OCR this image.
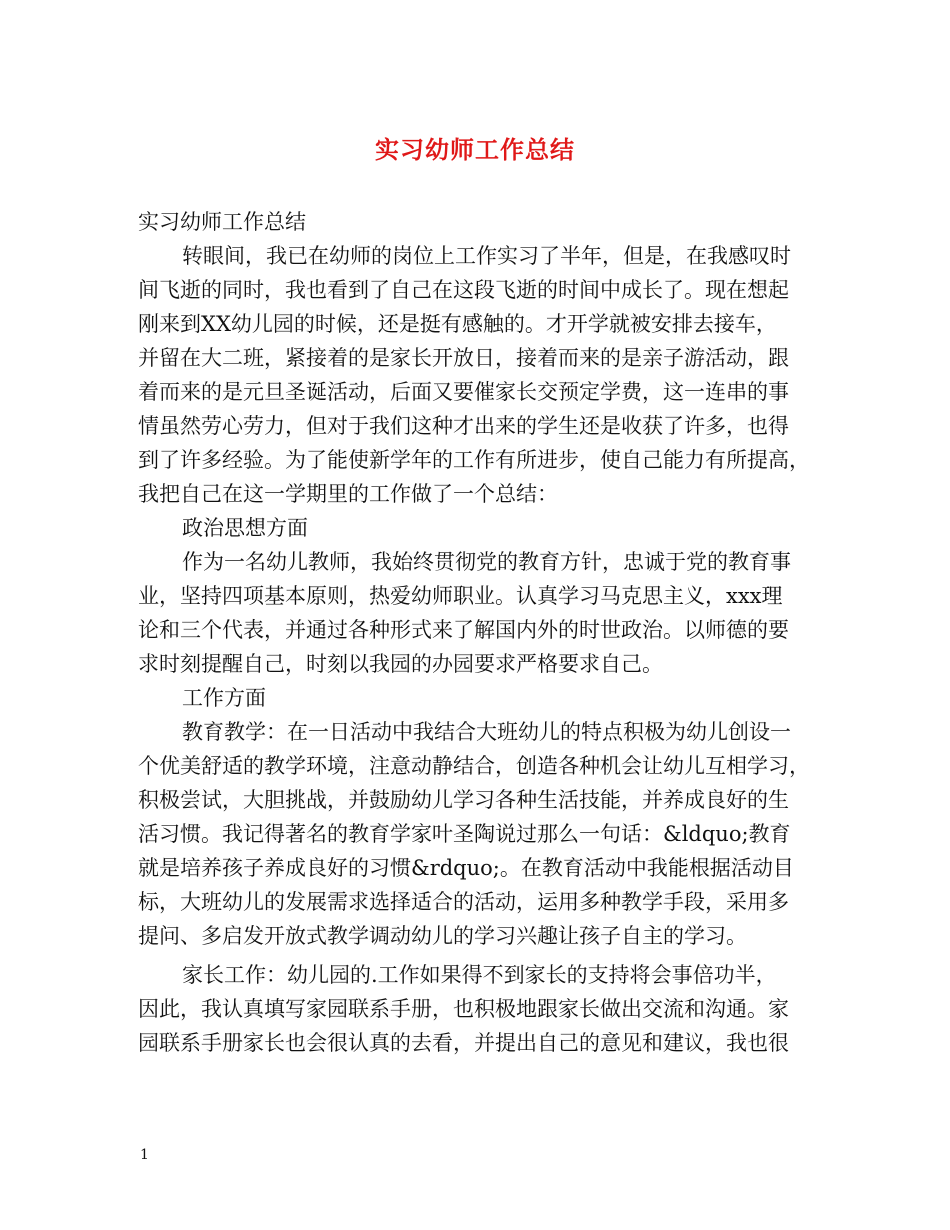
实习幼师工作总结
实习幼师工作总结
转眼间，我已在幼师的岗位上工作实习了半年，但是，在我感叹时
间飞逝的同时，我也看到了自己在这段飞逝的时间中成长了。现在想起
刚来到XX幼儿园的时候，还是挺有感触的。才开学就被安排去接车，
并留在大二班，紧接着的是家长开放日，接着而来的是亲子游活动，跟
着而来的是元旦圣诞活动，后面又要催家长交预定学费，这一连串的事
情虽然劳心劳力，但对于我们这种才出来的学生还是收获了许多，也得
到了许多经验。为了能使新学年的工作有所进步，使自己能力有所提高，
我把自己在这一学期里的工作做了一个总结：
政治思想方面
作为一名幼儿教师，我始终贯彻党的教育方针，忠诚于党的教育事
业，坚持四项基本原则，热爱幼师职业。认真学习马克思主义，xxx理
论和三个代表，并通过各种形式来了解国内外的时世政治。以师德的要
求时刻提醒自己，时刻以我园的办园要求严格要求自己。
工作方面
教育教学：在一日活动中我结合大班幼儿的特点积极为幼儿创设一
个优美舒适的教学环境，注意动静结合，创造各种机会让幼儿互相学习，
积极尝试，大胆挑战，并鼓励幼儿学习各种生活技能，并养成良好的生
活习惯。我记得著名的教育学家叶圣陶说过那么一句话：&ldquo;教育
就是培养孩子养成良好的习惯&rdquo;。在教育活动中我能根据活动目
标，大班幼儿的发展需求选择适合的活动，运用多种教学手段，采用多
提问、多启发开放式教学调动幼儿的学习兴趣让孩子自主的学习。
家长工作：幼儿园的.工作如果得不到家长的支持将会事倍功半，
因此，我认真填写家园联系手册，也积极地跟家长做出交流和沟通。家
园联系手册家长也会很认真的去看，并提出自己的意见和建议，我也很
1
